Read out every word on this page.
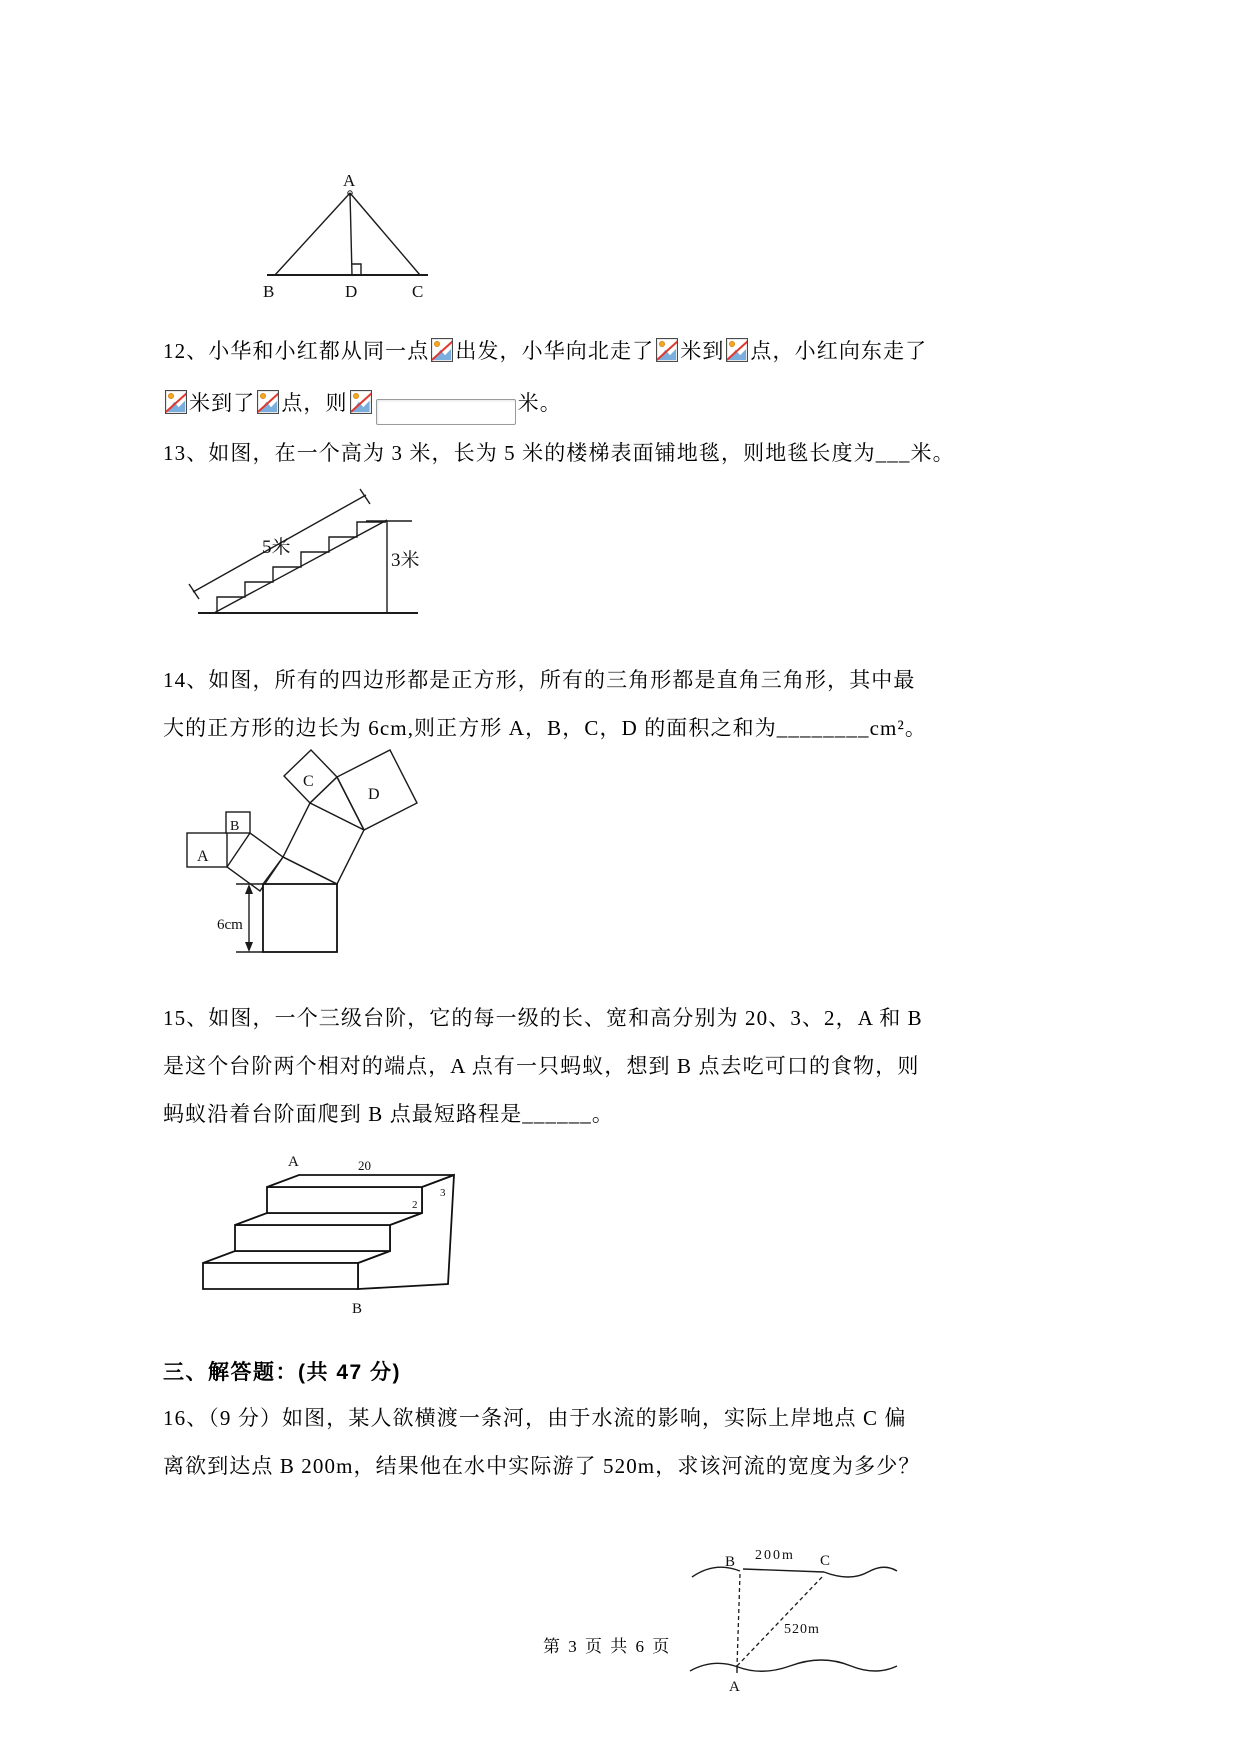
A
B	D	C
12、小华和小红都从同一点 出发，小华向北走了 米到 点，小红向东走了
米到了 点，则	米。
13、如图，在一个高为 3 米，长为 5 米的楼梯表面铺地毯，则地毯长度为___米。
5米
3米
14、如图，所有的四边形都是正方形，所有的三角形都是直角三角形，其中最
大的正方形的边长为 6cm,则正方形 A，B，C，D 的面积之和为________cm²。
6cm
A
B
C
D
15、如图，一个三级台阶，它的每一级的长、宽和高分别为 20、3、2，A 和 B
是这个台阶两个相对的端点，A 点有一只蚂蚁，想到 B 点去吃可口的食物，则
蚂蚁沿着台阶面爬到 B 点最短路程是______。
A	20
3
2
B
三、解答题：(共 47 分)
16、（9 分）如图，某人欲横渡一条河，由于水流的影响，实际上岸地点 C 偏
离欲到达点 B 200m，结果他在水中实际游了 520m，求该河流的宽度为多少？
B 200m C
520m
A
第 3 页 共 6 页
